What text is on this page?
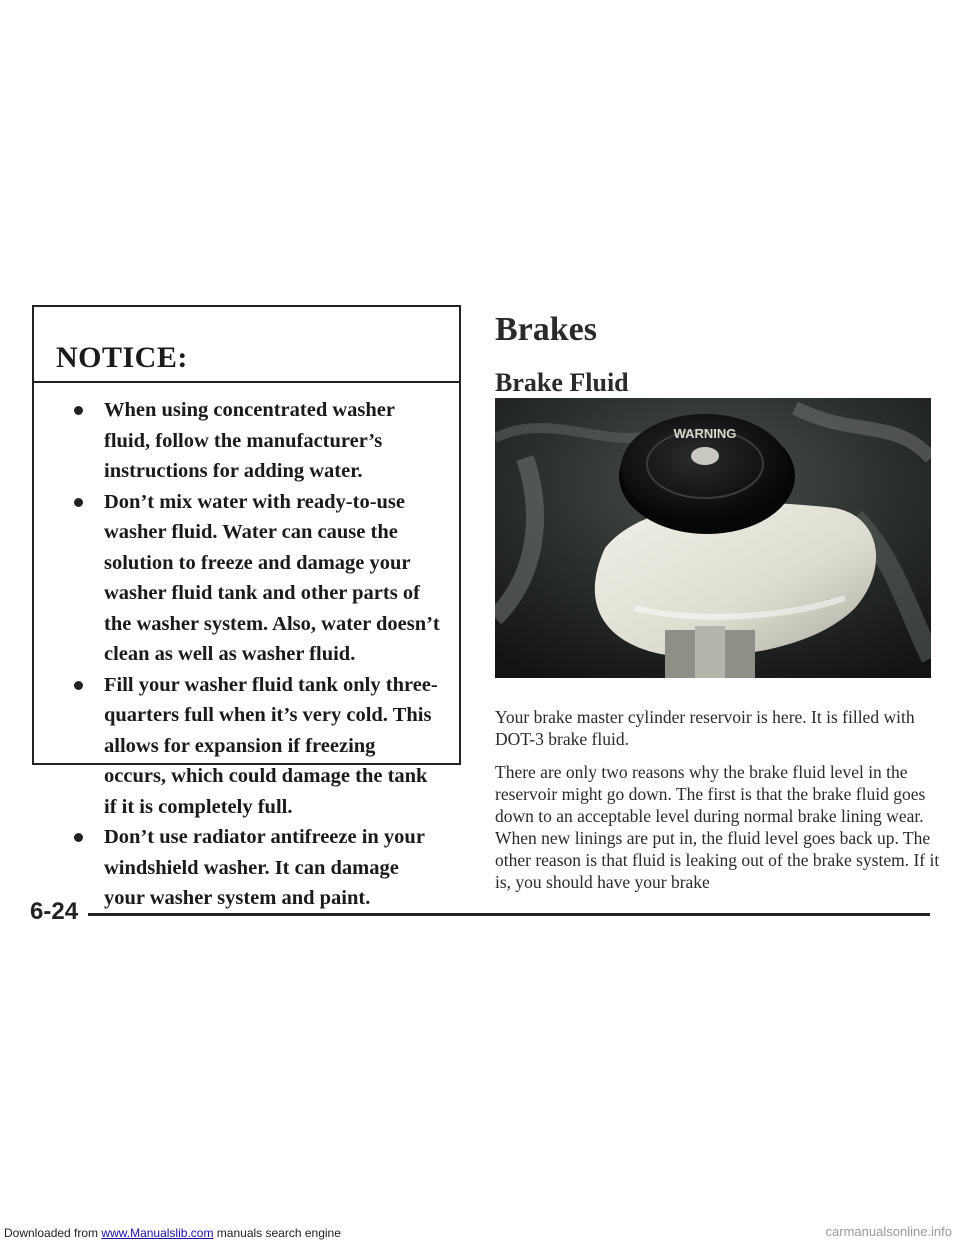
NOTICE:
When using concentrated washer fluid, follow the manufacturer’s instructions for adding water.
Don’t mix water with ready-to-use washer fluid. Water can cause the solution to freeze and damage your washer fluid tank and other parts of the washer system. Also, water doesn’t clean as well as washer fluid.
Fill your washer fluid tank only three-quarters full when it’s very cold. This allows for expansion if freezing occurs, which could damage the tank if it is completely full.
Don’t use radiator antifreeze in your windshield washer. It can damage your washer system and paint.
Brakes
Brake Fluid
WARNING
Your brake master cylinder reservoir is here. It is filled with DOT-3 brake fluid.
There are only two reasons why the brake fluid level in the reservoir might go down. The first is that the brake fluid goes down to an acceptable level during normal brake lining wear. When new linings are put in, the fluid level goes back up. The other reason is that fluid is leaking out of the brake system. If it is, you should have your brake
6-24
Downloaded from www.Manualslib.com manuals search engine	carmanualsonline.info
